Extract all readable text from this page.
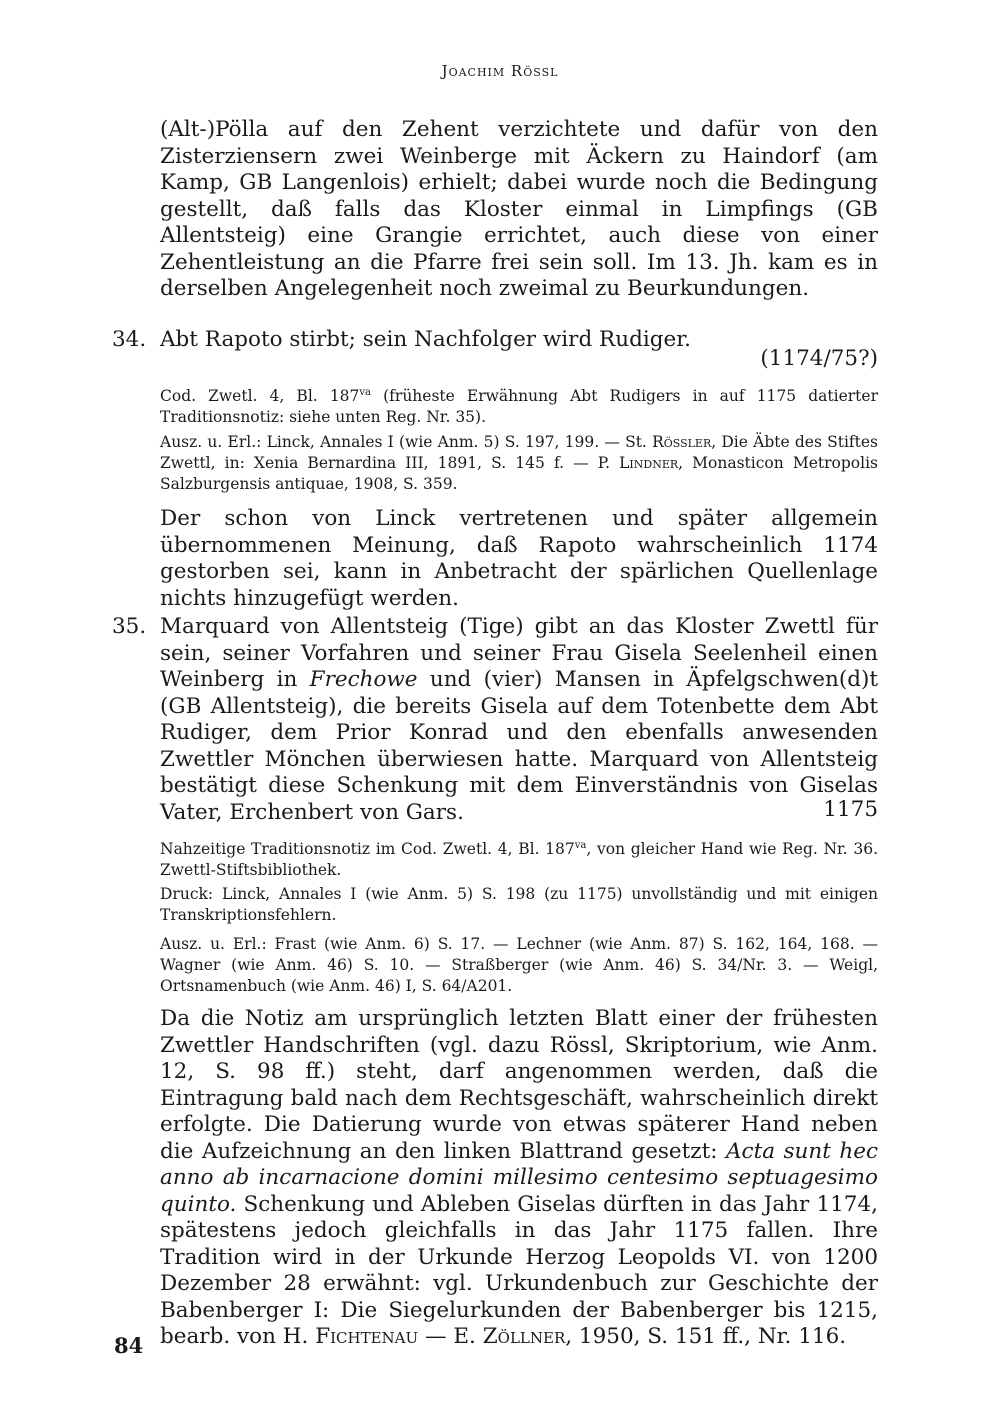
Joachim Rössl

(Alt-)Pölla auf den Zehent verzichtete und dafür von den Zisterziensern zwei Weinberge mit Äckern zu Haindorf (am Kamp, GB Langenlois) erhielt; dabei wurde noch die Bedingung gestellt, daß falls das Kloster einmal in Limpfings (GB Allentsteig) eine Grangie errichtet, auch diese von einer Zehentleistung an die Pfarre frei sein soll. Im 13. Jh. kam es in derselben Angelegenheit noch zweimal zu Beurkundungen.

34. Abt Rapoto stirbt; sein Nachfolger wird Rudiger.

(1174/75?)

Cod. Zwetl. 4, Bl. $187^{va}$ (früheste Erwähnung Abt Rudigers in auf 1175 datierter Traditionsnotiz: siehe unten Reg. Nr. 35).

Ausz. u. Erl.: Linck, Annales I (wie Anm. 5) S. 197, 199. — St. Rössler, Die Äbte des Stiftes Zwettl, in: Xenia Bernardina III, 1891, S. 145 f. — P. Lindner, Monasticon Metropolis Salzburgensis antiquae, 1908, S. 359.

Der schon von Linck vertretenen und später allgemein übernommenen Meinung, daß Rapoto wahrscheinlich 1174 gestorben sei, kann in Anbetracht der spärlichen Quellenlage nichts hinzugefügt werden.

35. Marquard von Allentsteig (Tige) gibt an das Kloster Zwettl für sein, seiner Vorfahren und seiner Frau Gisela Seelenheil einen Weinberg in Frechowe und (vier) Mansen in Äpfelgschwen(d)t (GB Allentsteig), die bereits Gisela auf dem Totenbette dem Abt Rudiger, dem Prior Konrad und den ebenfalls anwesenden Zwettler Mönchen überwiesen hatte. Marquard von Allentsteig bestätigt diese Schenkung mit dem Einverständnis von Giselas Vater, Erchenbert von Gars.	1175

Nahzeitige Traditionsnotiz im Cod. Zwetl. 4, Bl. $187^{va}$, von gleicher Hand wie Reg. Nr. 36. Zwettl-Stiftsbibliothek.

Druck: Linck, Annales I (wie Anm. 5) S. 198 (zu 1175) unvollständig und mit einigen Transkriptionsfehlern.

Ausz. u. Erl.: Frast (wie Anm. 6) S. 17. — Lechner (wie Anm. 87) S. 162, 164, 168. — Wagner (wie Anm. 46) S. 10. — Straßberger (wie Anm. 46) S. 34/Nr. 3. — Weigl, Ortsnamenbuch (wie Anm. 46) I, S. 64/A201.

Da die Notiz am ursprünglich letzten Blatt einer der frühesten Zwettler Handschriften (vgl. dazu Rössl, Skriptorium, wie Anm. 12, S. 98 ff.) steht, darf angenommen werden, daß die Eintragung bald nach dem Rechtsgeschäft, wahrscheinlich direkt erfolgte. Die Datierung wurde von etwas späterer Hand neben die Aufzeichnung an den linken Blattrand gesetzt: Acta sunt hec anno ab incarnacione domini millesimo centesimo septuagesimo quinto. Schenkung und Ableben Giselas dürften in das Jahr 1174, spätestens jedoch gleichfalls in das Jahr 1175 fallen. Ihre Tradition wird in der Urkunde Herzog Leopolds VI. von 1200 Dezember 28 erwähnt: vgl. Urkundenbuch zur Geschichte der Babenberger I: Die Siegelurkunden der Babenberger bis 1215, bearb. von H. Fichtenau — E. Zöllner, 1950, S. 151 ff., Nr. 116.

84
